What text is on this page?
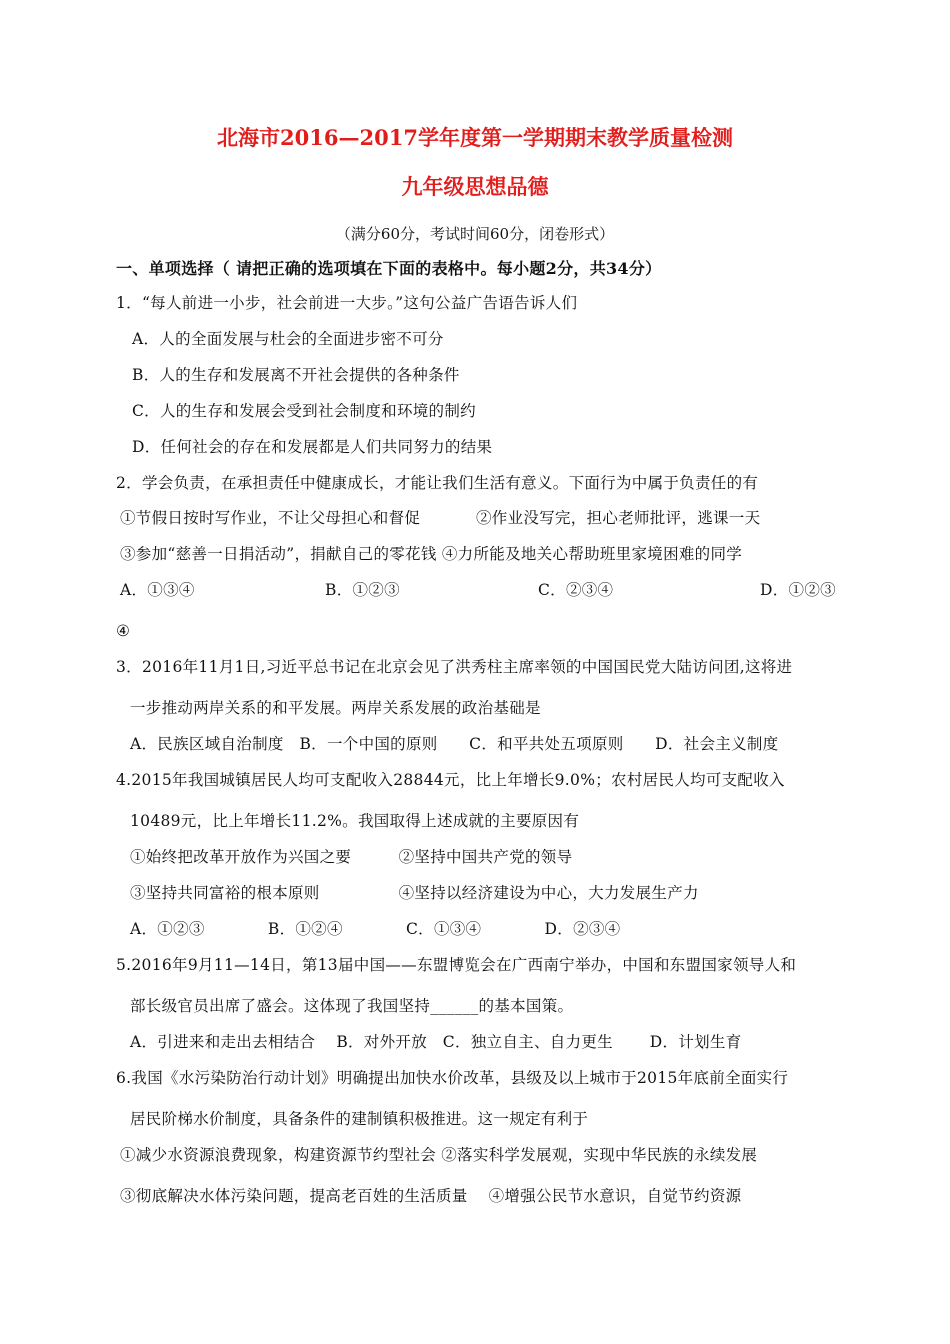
北海市2016—2017学年度第一学期期末教学质量检测
九年级思想品德
（满分60分，考试时间60分，闭卷形式）
一、单项选择（ 请把正确的选项填在下面的表格中。每小题2分，共34分）
1．“每人前进一小步，社会前进一大步。”这句公益广告语告诉人们
A．人的全面发展与杜会的全面进步密不可分
B．人的生存和发展离不开社会提供的各种条件
C．人的生存和发展会受到社会制度和环境的制约
D．任何社会的存在和发展都是人们共同努力的结果
2．学会负责，在承担责任中健康成长，才能让我们生活有意义。下面行为中属于负责任的有
①节假日按时写作业，不让父母担心和督促	②作业没写完，担心老师批评，逃课一天
③参加“慈善一日捐活动”，捐献自己的零花钱 ④力所能及地关心帮助班里家境困难的同学
A．①③④	B．①②③	C．②③④	D．①②③
④
3．2016年11月1日,习近平总书记在北京会见了洪秀柱主席率领的中国国民党大陆访问团,这将进
一步推动两岸关系的和平发展。两岸关系发展的政治基础是
A．民族区域自治制度　B．一个中国的原则　　C．和平共处五项原则　　D．社会主义制度
4.2015年我国城镇居民人均可支配收入28844元，比上年增长9.0%；农村居民人均可支配收入
10489元，比上年增长11.2%。我国取得上述成就的主要原因有
①始终把改革开放作为兴国之要　　　②坚持中国共产党的领导
③坚持共同富裕的根本原则　　　　　④坚持以经济建设为中心，大力发展生产力
A．①②③　　　　B．①②④　　　　C．①③④　　　　D．②③④
5.2016年9月11—14日，第13届中国——东盟博览会在广西南宁举办，中国和东盟国家领导人和
部长级官员出席了盛会。这体现了我国坚持______的基本国策。
A．引进来和走出去相结合　 B．对外开放　C．独立自主、自力更生　　 D．计划生育
6.我国《水污染防治行动计划》明确提出加快水价改革，县级及以上城市于2015年底前全面实行
居民阶梯水价制度，具备条件的建制镇积极推进。这一规定有利于
①减少水资源浪费现象，构建资源节约型社会 ②落实科学发展观，实现中华民族的永续发展
③彻底解决水体污染问题，提高老百姓的生活质量　 ④增强公民节水意识，自觉节约资源
